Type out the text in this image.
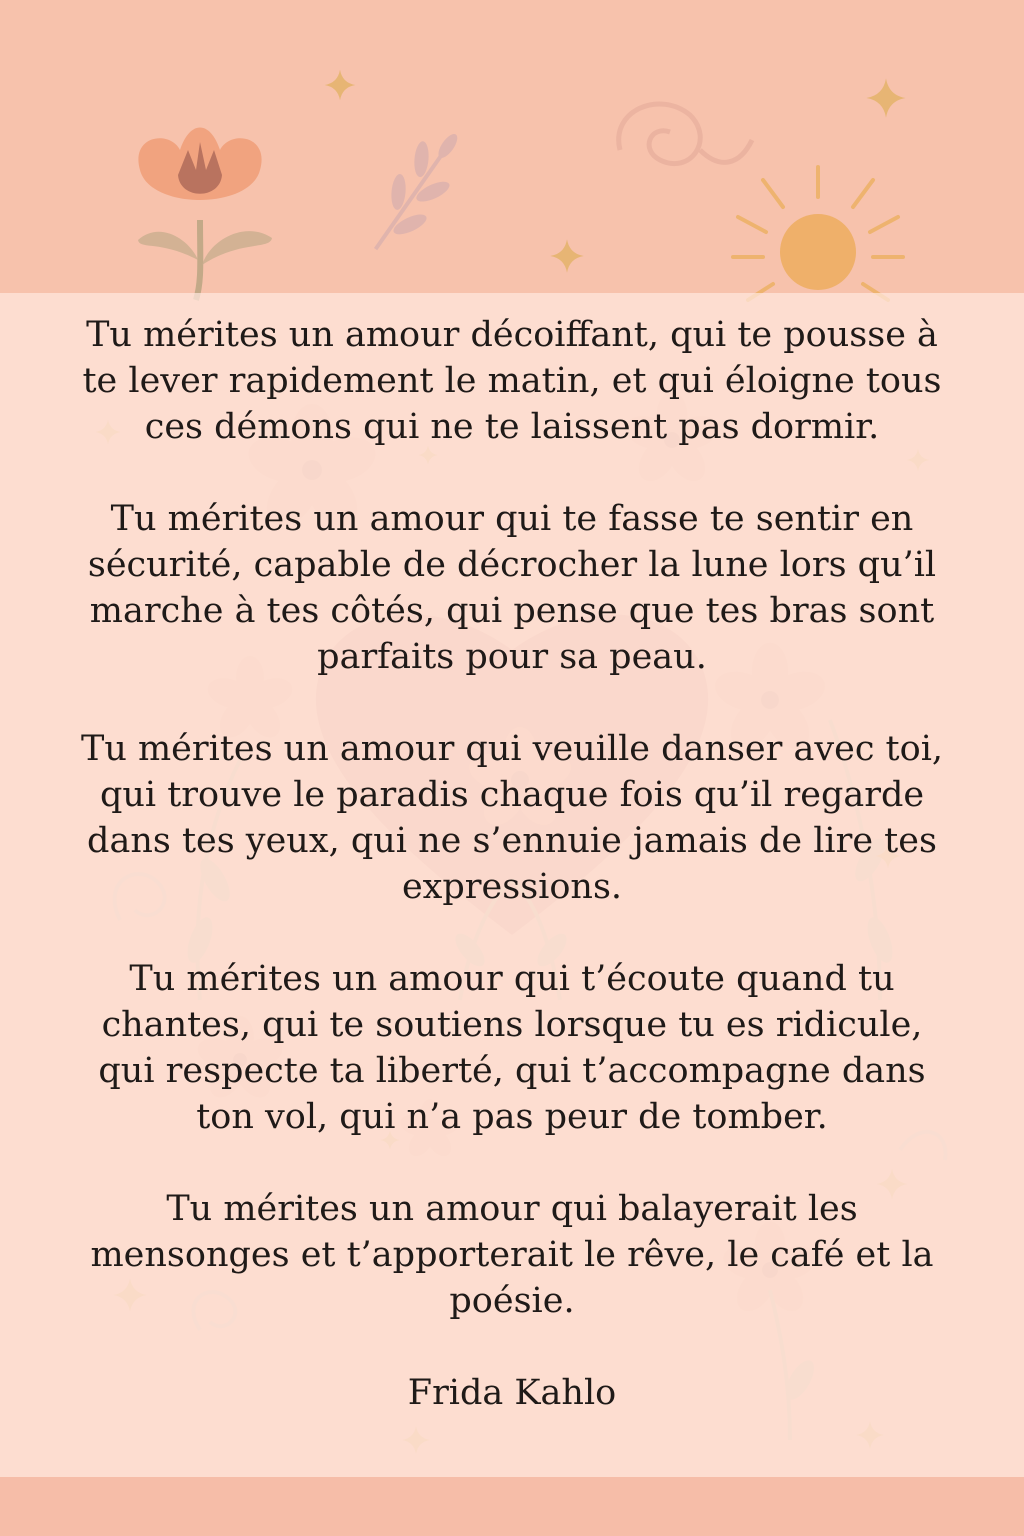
Tu mérites un amour décoiffant, qui te pousse à
te lever rapidement le matin, et qui éloigne tous
ces démons qui ne te laissent pas dormir.
Tu mérites un amour qui te fasse te sentir en
sécurité, capable de décrocher la lune lors qu’il
marche à tes côtés, qui pense que tes bras sont
parfaits pour sa peau.
Tu mérites un amour qui veuille danser avec toi,
qui trouve le paradis chaque fois qu’il regarde
dans tes yeux, qui ne s’ennuie jamais de lire tes
expressions.
Tu mérites un amour qui t’écoute quand tu
chantes, qui te soutiens lorsque tu es ridicule,
qui respecte ta liberté, qui t’accompagne dans
ton vol, qui n’a pas peur de tomber.
Tu mérites un amour qui balayerait les
mensonges et t’apporterait le rêve, le café et la
poésie.
Frida Kahlo
